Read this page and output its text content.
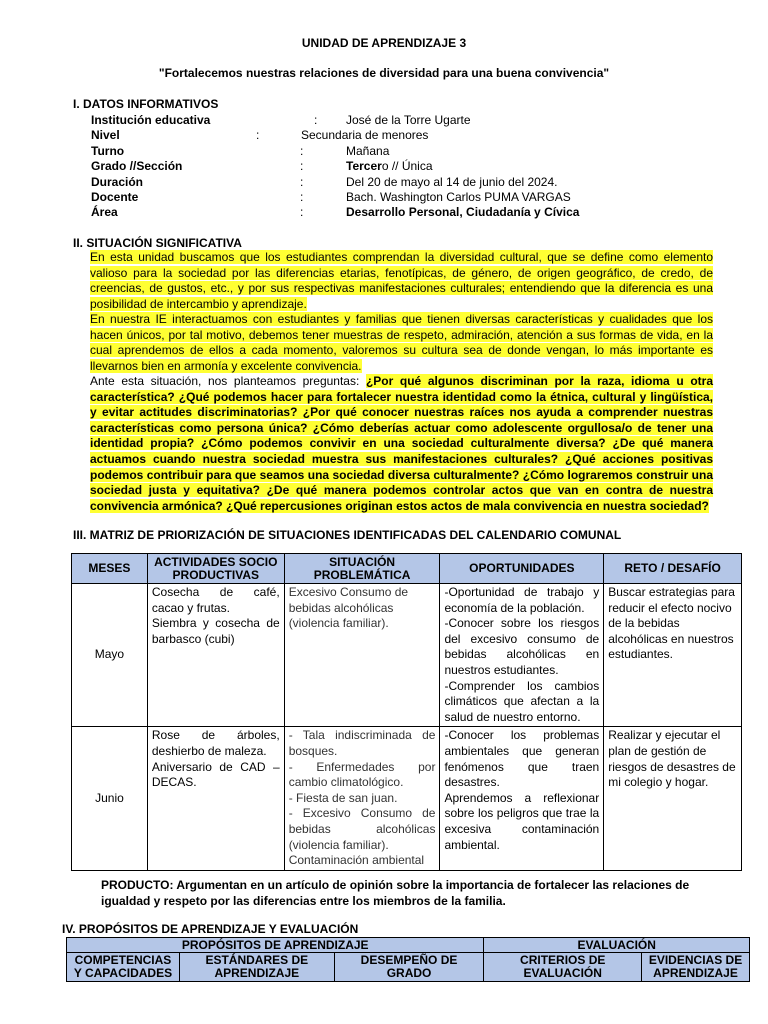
UNIDAD DE APRENDIZAJE 3
"Fortalecemos nuestras relaciones de diversidad para una buena convivencia"
I. DATOS INFORMATIVOS
Institución educativa	: José de la Torre Ugarte
Nivel	:	Secundaria de menores
Turno	:	Mañana
Grado //Sección	:	Tercero // Única
Duración	:	Del 20 de mayo al 14 de junio del 2024.
Docente	:	Bach. Washington Carlos PUMA VARGAS
Área	:	Desarrollo Personal, Ciudadanía y Cívica
II. SITUACIÓN SIGNIFICATIVA
En esta unidad buscamos que los estudiantes comprendan la diversidad cultural, que se define como elemento valioso para la sociedad por las diferencias etarias, fenotípicas, de género, de origen geográfico, de credo, de creencias, de gustos, etc., y por sus respectivas manifestaciones culturales; entendiendo que la diferencia es una posibilidad de intercambio y aprendizaje.
En nuestra IE interactuamos con estudiantes y familias que tienen diversas características y cualidades que los hacen únicos, por tal motivo, debemos tener muestras de respeto, admiración, atención a sus formas de vida, en la cual aprendemos de ellos a cada momento, valoremos su cultura sea de donde vengan, lo más importante es llevarnos bien en armonía y excelente convivencia.
Ante esta situación, nos planteamos preguntas: ¿Por qué algunos discriminan por la raza, idioma u otra característica? ¿Qué podemos hacer para fortalecer nuestra identidad como la étnica, cultural y lingüística, y evitar actitudes discriminatorias? ¿Por qué conocer nuestras raíces nos ayuda a comprender nuestras características como persona única? ¿Cómo deberías actuar como adolescente orgullosa/o de tener una identidad propia? ¿Cómo podemos convivir en una sociedad culturalmente diversa? ¿De qué manera actuamos cuando nuestra sociedad muestra sus manifestaciones culturales? ¿Qué acciones positivas podemos contribuir para que seamos una sociedad diversa culturalmente? ¿Cómo lograremos construir una sociedad justa y equitativa? ¿De qué manera podemos controlar actos que van en contra de nuestra convivencia armónica? ¿Qué repercusiones originan estos actos de mala convivencia en nuestra sociedad?
III. MATRIZ DE PRIORIZACIÓN DE SITUACIONES IDENTIFICADAS DEL CALENDARIO COMUNAL
MESES	ACTIVIDADES SOCIO PRODUCTIVAS	SITUACIÓN PROBLEMÁTICA	OPORTUNIDADES	RETO / DESAFÍO
Mayo	Cosecha de café, cacao y frutas.
Siembra y cosecha de barbasco (cubi)	Excesivo Consumo de bebidas alcohólicas (violencia familiar).	-Oportunidad de trabajo y economía de la población.
-Conocer sobre los riesgos del excesivo consumo de bebidas alcohólicas en nuestros estudiantes.
-Comprender los cambios climáticos que afectan a la salud de nuestro entorno.	Buscar estrategias para reducir el efecto nocivo de la bebidas alcohólicas en nuestros estudiantes.

Junio	Rose de árboles, deshierbo de maleza.
Aniversario de CAD – DECAS.	- Tala indiscriminada de bosques.
- Enfermedades por cambio climatológico.
- Fiesta de san juan.
- Excesivo Consumo de bebidas alcohólicas (violencia familiar).
Contaminación ambiental	-Conocer los problemas ambientales que generan fenómenos que traen desastres.
Aprendemos a reflexionar sobre los peligros que trae la excesiva contaminación ambiental.	Realizar y ejecutar el plan de gestión de riesgos de desastres de mi colegio y hogar.
PRODUCTO: Argumentan en un artículo de opinión sobre la importancia de fortalecer las relaciones de igualdad y respeto por las diferencias entre los miembros de la familia.
IV. PROPÓSITOS DE APRENDIZAJE Y EVALUACIÓN
PROPÓSITOS DE APRENDIZAJE			EVALUACIÓN	
COMPETENCIAS Y CAPACIDADES	ESTÁNDARES DE APRENDIZAJE	DESEMPEÑO DE GRADO	CRITERIOS DE EVALUACIÓN	EVIDENCIAS DE APRENDIZAJE
